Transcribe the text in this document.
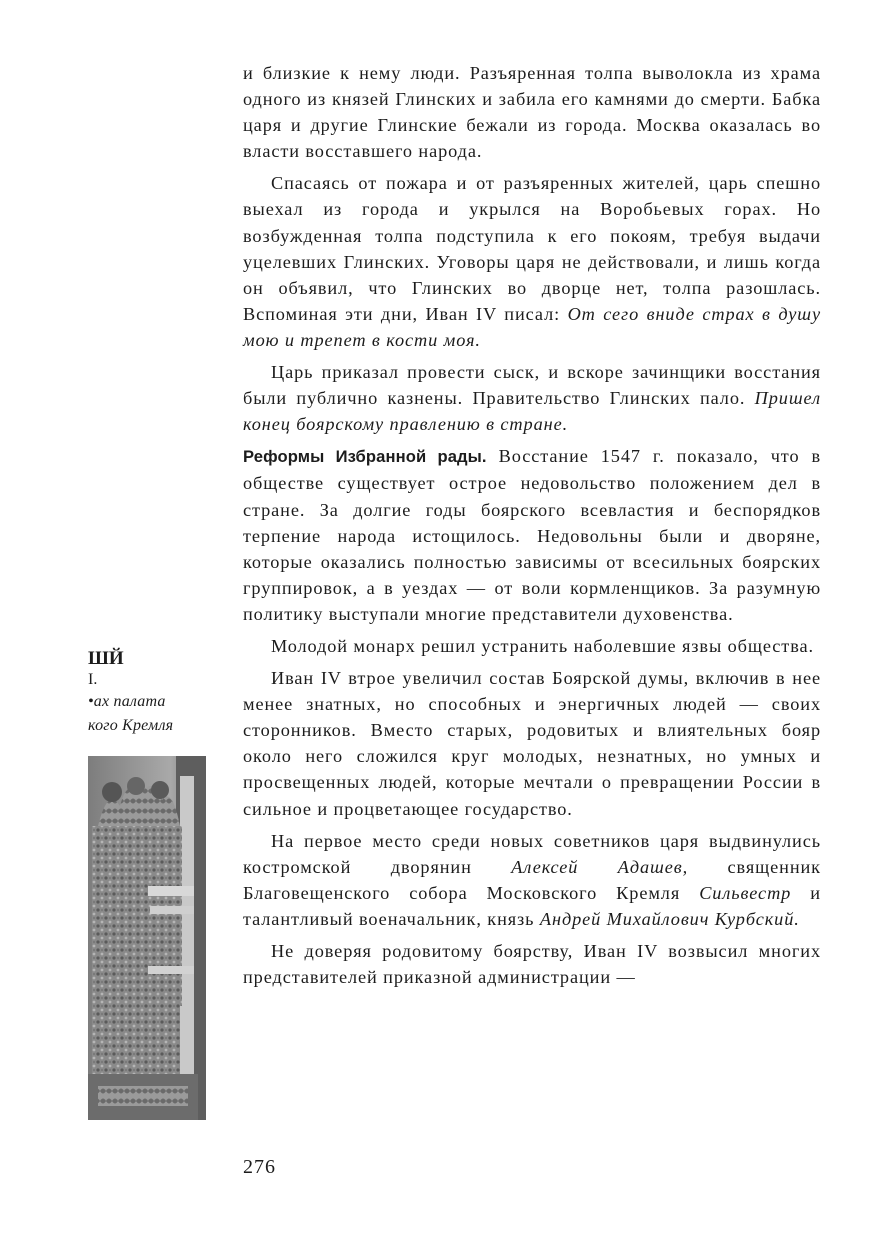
ШЙ
I.
•ах палата
кого Кремля

и близкие к нему люди. Разъяренная толпа выволокла из храма одного из князей Глинских и забила его камнями до смерти. Бабка царя и другие Глинские бежали из города. Москва оказалась во власти восставшего народа.

Спасаясь от пожара и от разъяренных жителей, царь спешно выехал из города и укрылся на Воробьевых горах. Но возбужденная толпа подступила к его покоям, требуя выдачи уцелевших Глинских. Уговоры царя не действовали, и лишь когда он объявил, что Глинских во дворце нет, толпа разошлась. Вспоминая эти дни, Иван IV писал: От сего вниде страх в душу мою и трепет в кости моя.

Царь приказал провести сыск, и вскоре зачинщики восстания были публично казнены. Правительство Глинских пало. Пришел конец боярскому правлению в стране.

Реформы Избранной рады. Восстание 1547 г. показало, что в обществе существует острое недовольство положением дел в стране. За долгие годы боярского всевластия и беспорядков терпение народа истощилось. Недовольны были и дворяне, которые оказались полностью зависимы от всесильных боярских группировок, а в уездах — от воли кормленщиков. За разумную политику выступали многие представители духовенства.

Молодой монарх решил устранить наболевшие язвы общества.

Иван IV втрое увеличил состав Боярской думы, включив в нее менее знатных, но способных и энергичных людей — своих сторонников. Вместо старых, родовитых и влиятельных бояр около него сложился круг молодых, незнатных, но умных и просвещенных людей, которые мечтали о превращении России в сильное и процветающее государство.

На первое место среди новых советников царя выдвинулись костромской дворянин Алексей Адашев, священник Благовещенского собора Московского Кремля Сильвестр и талантливый военачальник, князь Андрей Михайлович Курбский.

Не доверяя родовитому боярству, Иван IV возвысил многих представителей приказной администрации —

276
